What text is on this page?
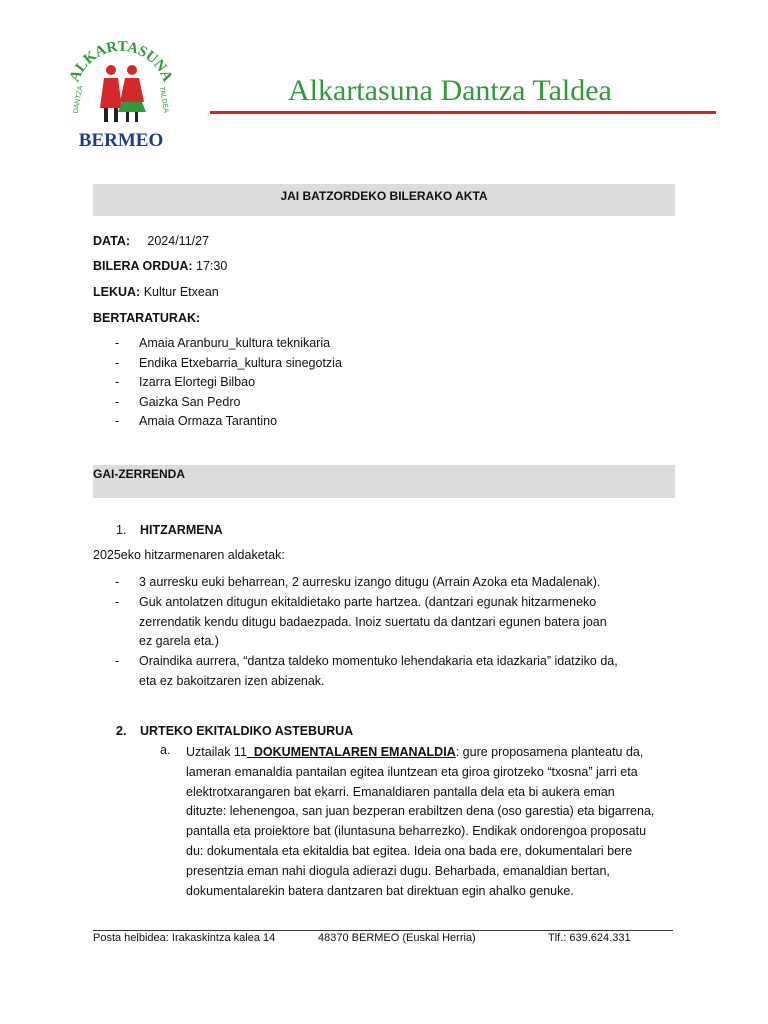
ALKARTASUNA
DANTZA	TALDEA
BERMEO
Alkartasuna Dantza Taldea
JAI BATZORDEKO BILERAKO AKTA
DATA: 2024/11/27
BILERA ORDUA: 17:30
LEKUA: Kultur Etxean
BERTARATURAK:
- Amaia Aranburu_kultura teknikaria
- Endika Etxebarria_kultura sinegotzia
- Izarra Elortegi Bilbao
- Gaizka San Pedro
- Amaia Ormaza Tarantino
GAI-ZERRENDA
1. HITZARMENA
2025eko hitzarmenaren aldaketak:
- 3 aurresku euki beharrean, 2 aurresku izango ditugu (Arrain Azoka eta Madalenak).
- Guk antolatzen ditugun ekitaldietako parte hartzea. (dantzari egunak hitzarmeneko zerrendatik kendu ditugu badaezpada. Inoiz suertatu da dantzari egunen batera joan ez garela eta.)
- Oraindika aurrera, “dantza taldeko momentuko lehendakaria eta idazkaria” idatziko da, eta ez bakoitzaren izen abizenak.
2. URTEKO EKITALDIKO ASTEBURUA
a. Uztailak 11_DOKUMENTALAREN EMANALDIA: gure proposamena planteatu da,
lameran emanaldia pantailan egitea iluntzean eta giroa girotzeko “txosna” jarri eta
elektrotxarangaren bat ekarri. Emanaldiaren pantalla dela eta bi aukera eman
dituzte: lehenengoa, san juan bezperan erabiltzen dena (oso garestia) eta bigarrena,
pantalla eta proiektore bat (iluntasuna beharrezko). Endikak ondorengoa proposatu
du: dokumentala eta ekitaldia bat egitea. Ideia ona bada ere, dokumentalari bere
presentzia eman nahi diogula adierazi dugu. Beharbada, emanaldian bertan,
dokumentalarekin batera dantzaren bat direktuan egin ahalko genuke.
Posta helbidea: Irakaskintza kalea 14	48370 BERMEO (Euskal Herria)	Tlf.: 639.624.331
